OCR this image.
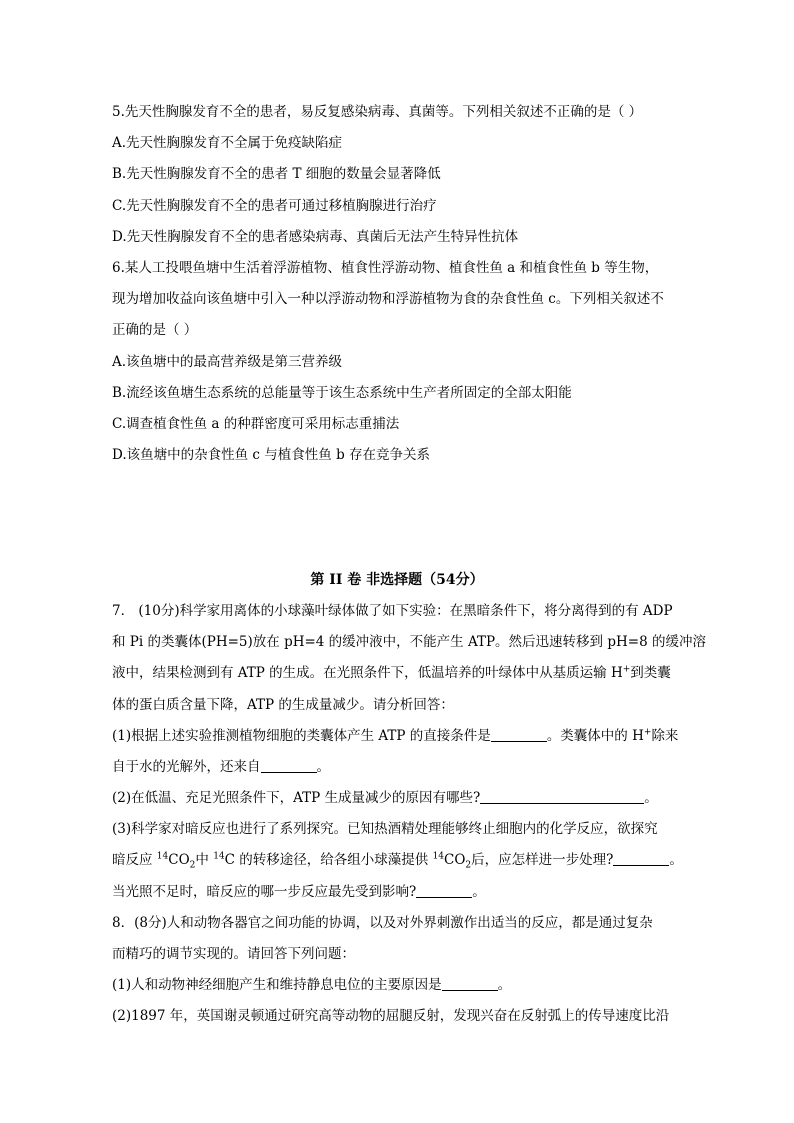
5.先天性胸腺发育不全的患者，易反复感染病毒、真菌等。下列相关叙述不正确的是（ ）
A.先天性胸腺发育不全属于免疫缺陷症
B.先天性胸腺发育不全的患者 T 细胞的数量会显著降低
C.先天性胸腺发育不全的患者可通过移植胸腺进行治疗
D.先天性胸腺发育不全的患者感染病毒、真菌后无法产生特异性抗体
6.某人工投喂鱼塘中生活着浮游植物、植食性浮游动物、植食性鱼 a 和植食性鱼 b 等生物，
现为增加收益向该鱼塘中引入一种以浮游动物和浮游植物为食的杂食性鱼 c。下列相关叙述不
正确的是（ ）
A.该鱼塘中的最高营养级是第三营养级
B.流经该鱼塘生态系统的总能量等于该生态系统中生产者所固定的全部太阳能
C.调查植食性鱼 a 的种群密度可采用标志重捕法
D.该鱼塘中的杂食性鱼 c 与植食性鱼 b 存在竞争关系
第 II 卷 非选择题（54分）
7． (10分)科学家用离体的小球藻叶绿体做了如下实验：在黑暗条件下，将分离得到的有 ADP
和 Pi 的类囊体(PH=5)放在 pH=4 的缓冲液中，不能产生 ATP。然后迅速转移到 pH=8 的缓冲溶
液中，结果检测到有 ATP 的生成。在光照条件下，低温培养的叶绿体中从基质运输 H+到类囊
体的蛋白质含量下降，ATP 的生成量减少。请分析回答：
(1)根据上述实验推测植物细胞的类囊体产生 ATP 的直接条件是	。类囊体中的 H+除来
自于水的光解外，还来自	。
(2)在低温、充足光照条件下，ATP 生成量减少的原因有哪些?	。
(3)科学家对暗反应也进行了系列探究。已知热酒精处理能够终止细胞内的化学反应，欲探究
暗反应 $^{14}CO_2$中 $^{14}$C 的转移途径，给各组小球藻提供 $^{14}CO_2$后，应怎样进一步处理?	。
当光照不足时，暗反应的哪一步反应最先受到影响?	。
8．(8分)人和动物各器官之间功能的协调，以及对外界刺激作出适当的反应，都是通过复杂
而精巧的调节实现的。请回答下列问题：
(1)人和动物神经细胞产生和维持静息电位的主要原因是	。
(2)1897 年，英国谢灵顿通过研究高等动物的屈腿反射，发现兴奋在反射弧上的传导速度比沿
